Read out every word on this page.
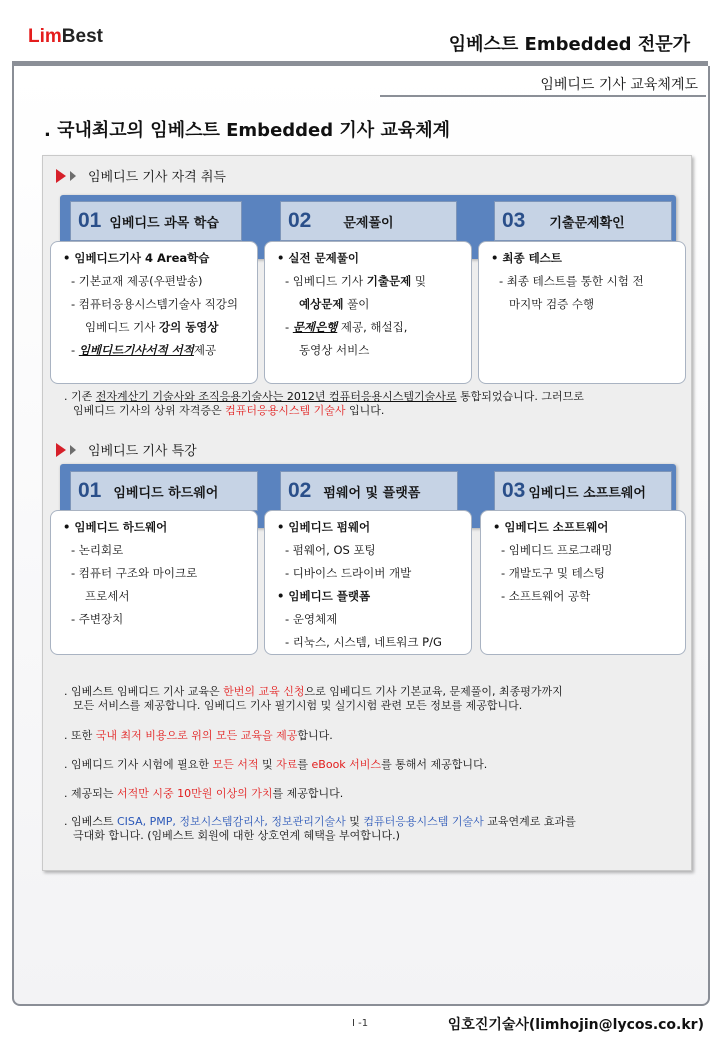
LimBest	임베스트 Embedded 전문가
임베디드 기사 교육체계도
. 국내최고의 임베스트 Embedded 기사 교육체계
임베디드 기사 자격 취득
01 임베디드 과목 학습	02 문제풀이	03 기출문제확인
• 임베디드기사 4 Area학습
- 기본교재 제공(우편발송)
- 컴퓨터응용시스템기술사 직강의
임베디드 기사 강의 동영상
- 임베디드기사서적 서적제공
• 실전 문제풀이
- 임베디드 기사 기출문제 및
예상문제 풀이
- 문제은행 제공, 해설집,
동영상 서비스
• 최종 테스트
- 최종 테스트를 통한 시험 전
마지막 검증 수행
. 기존 전자계산기 기술사와 조직응용기술사는 2012년 컴퓨터응용시스템기술사로 통합되었습니다. 그러므로
임베디드 기사의 상위 자격증은 컴퓨터응용시스템 기술사 입니다.
임베디드 기사 특강
01 임베디드 하드웨어	02 펌웨어 및 플랫폼	03 임베디드 소프트웨어
• 임베디드 하드웨어
- 논리회로
- 컴퓨터 구조와 마이크로
프로세서
- 주변장치
• 임베디드 펌웨어
- 펌웨어, OS 포팅
- 디바이스 드라이버 개발
• 임베디드 플랫폼
- 운영체제
- 리눅스, 시스템, 네트워크 P/G
• 임베디드 소프트웨어
- 임베디드 프로그래밍
- 개발도구 및 테스팅
- 소프트웨어 공학
. 임베스트 임베디드 기사 교육은 한번의 교육 신청으로 임베디드 기사 기본교육, 문제풀이, 최종평가까지
모든 서비스를 제공합니다. 임베디드 기사 필기시험 및 실기시험 관련 모든 정보를 제공합니다.
. 또한 국내 최저 비용으로 위의 모든 교육을 제공합니다.
. 임베디드 기사 시험에 필요한 모든 서적 및 자료를 eBook 서비스를 통해서 제공합니다.
. 제공되는 서적만 시중 10만원 이상의 가치를 제공합니다.
. 임베스트 CISA, PMP, 정보시스템감리사, 정보관리기술사 및 컴퓨터응용시스템 기술사 교육연계로 효과를
극대화 합니다. (임베스트 회원에 대한 상호연계 혜택을 부여합니다.)
I -1	임호진기술사(limhojin@lycos.co.kr)
